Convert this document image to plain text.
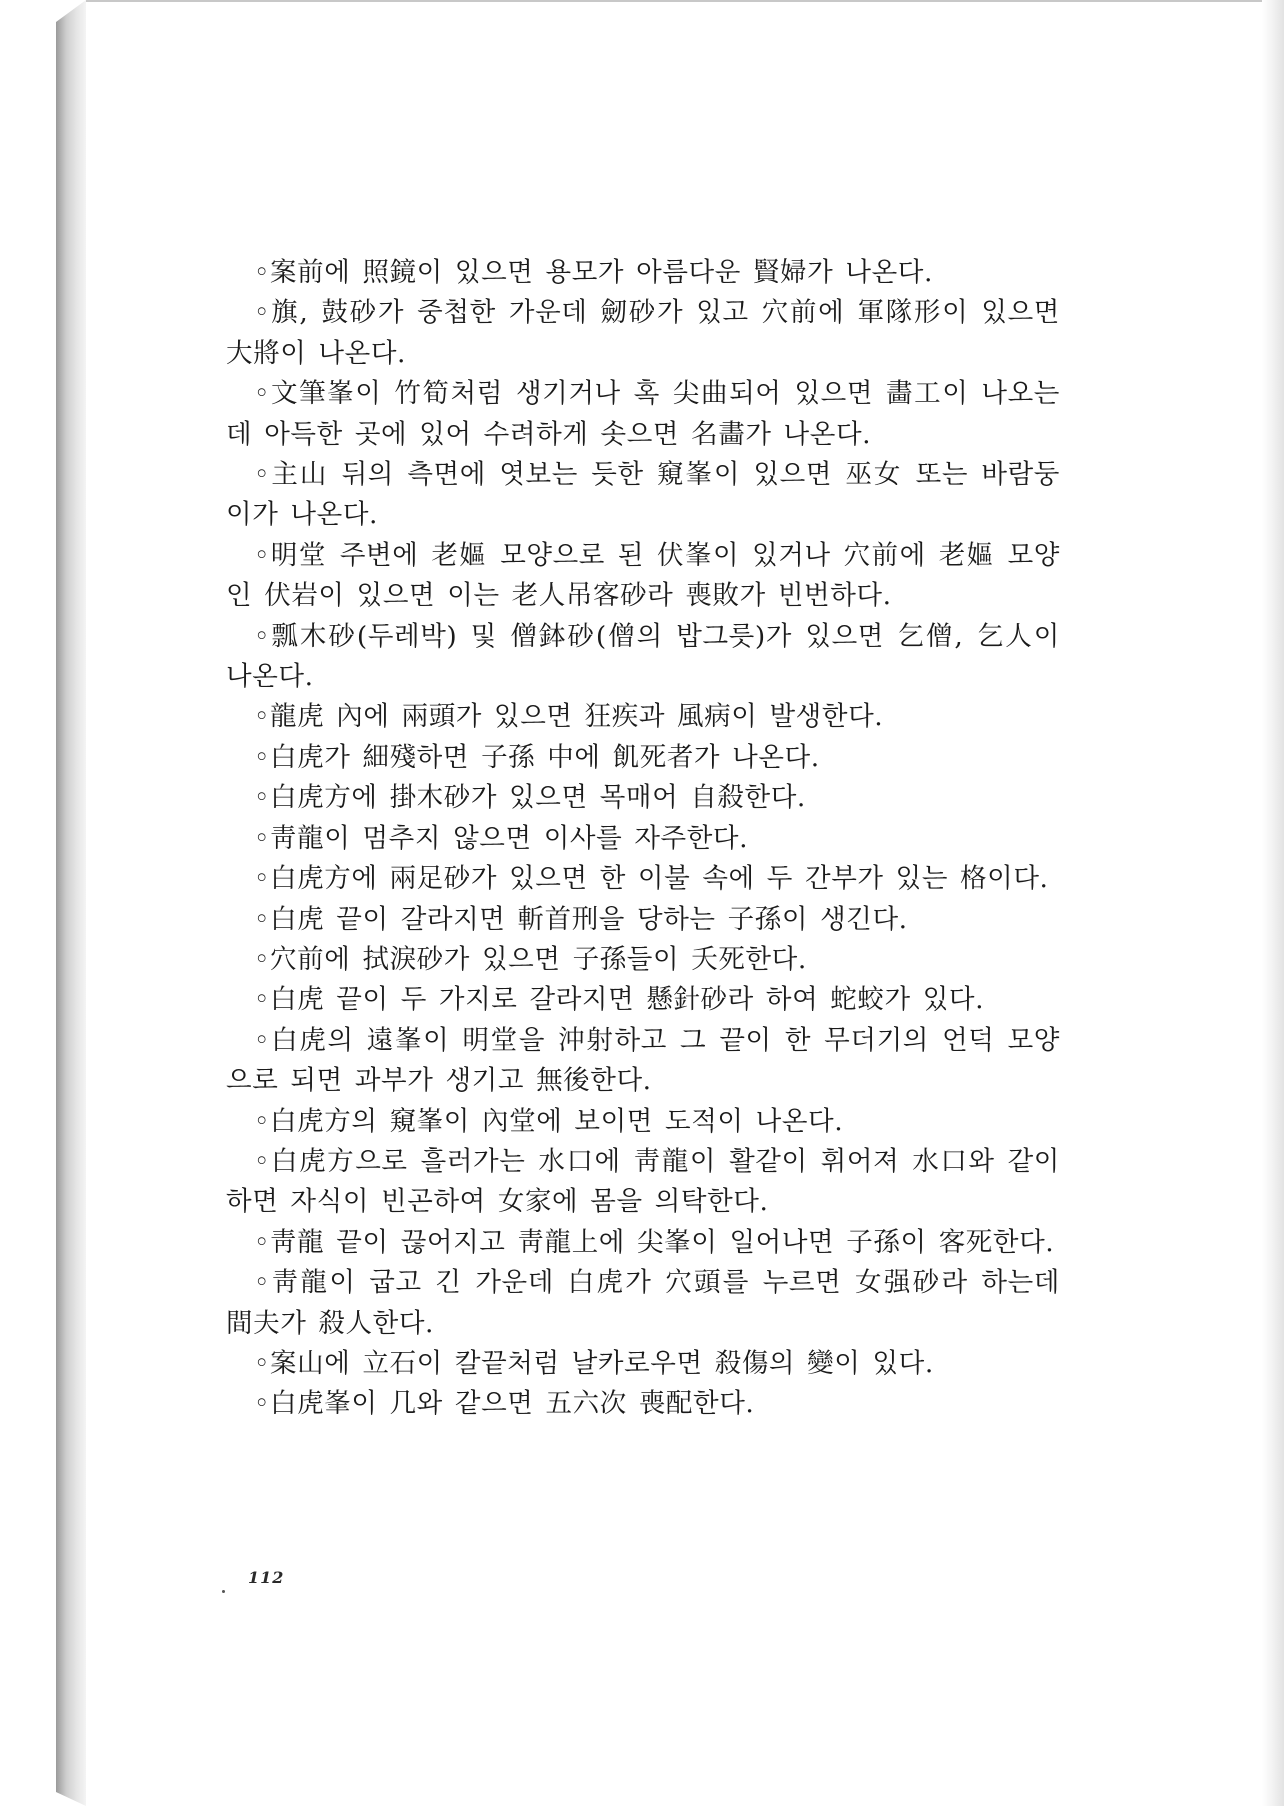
◦案前에 照鏡이 있으면 용모가 아름다운 賢婦가 나온다.

◦旗, 鼓砂가 중첩한 가운데 劒砂가 있고 穴前에 軍隊形이 있으면 大將이 나온다.

◦文筆峯이 竹筍처럼 생기거나 혹 尖曲되어 있으면 畵工이 나오는데 아득한 곳에 있어 수려하게 솟으면 名畵가 나온다.

◦主山 뒤의 측면에 엿보는 듯한 窺峯이 있으면 巫女 또는 바람둥이가 나온다.

◦明堂 주변에 老嫗 모양으로 된 伏峯이 있거나 穴前에 老嫗 모양인 伏岩이 있으면 이는 老人吊客砂라 喪敗가 빈번하다.

◦瓢木砂(두레박) 및 僧鉢砂(僧의 밥그릇)가 있으면 乞僧, 乞人이 나온다.

◦龍虎 內에 兩頭가 있으면 狂疾과 風病이 발생한다.

◦白虎가 細殘하면 子孫 中에 飢死者가 나온다.

◦白虎方에 掛木砂가 있으면 목매어 自殺한다.

◦靑龍이 멈추지 않으면 이사를 자주한다.

◦白虎方에 兩足砂가 있으면 한 이불 속에 두 간부가 있는 格이다.

◦白虎 끝이 갈라지면 斬首刑을 당하는 子孫이 생긴다.

◦穴前에 拭淚砂가 있으면 子孫들이 夭死한다.

◦白虎 끝이 두 가지로 갈라지면 懸針砂라 하여 蛇蛟가 있다.

◦白虎의 遠峯이 明堂을 沖射하고 그 끝이 한 무더기의 언덕 모양으로 되면 과부가 생기고 無後한다.

◦白虎方의 窺峯이 內堂에 보이면 도적이 나온다.

◦白虎方으로 흘러가는 水口에 靑龍이 활같이 휘어져 水口와 같이 하면 자식이 빈곤하여 女家에 몸을 의탁한다.

◦靑龍 끝이 끊어지고 靑龍上에 尖峯이 일어나면 子孫이 客死한다.

◦靑龍이 굽고 긴 가운데 白虎가 穴頭를 누르면 女强砂라 하는데 間夫가 殺人한다.

◦案山에 立石이 칼끝처럼 날카로우면 殺傷의 變이 있다.

◦白虎峯이 几와 같으면 五六次 喪配한다.

112
